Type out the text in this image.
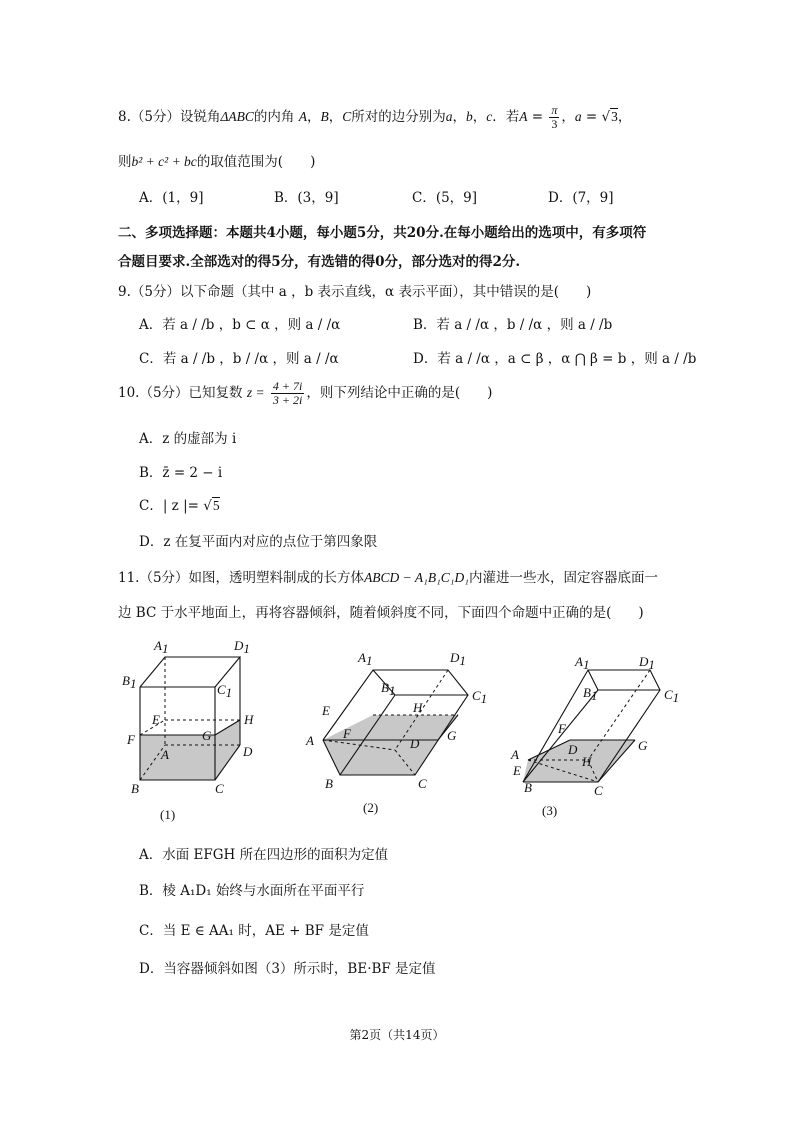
8.（5分）设锐角ΔABC的内角 A，B，C所对的边分别为a，b，c．若$A = \frac{\pi}{3}$ ，a = √3，
则b² + c² + bc的取值范围为(　　)
A．(1，9]	B．(3，9]	C．(5，9]	D．(7，9]
二、多项选择题：本题共4小题，每小题5分，共20分.在每小题给出的选项中，有多项符
合题目要求.全部选对的得5分，有选错的得0分，部分选对的得2分.
9.（5分）以下命题（其中 a ，b 表示直线，α 表示平面），其中错误的是(　　)
A．若 a / /b ，b ⊂ α ，则 a / /α	B．若 a / /α ，b / /α ，则 a / /b
C．若 a / /b ，b / /α ，则 a / /α	D．若 a / /α ，a ⊂ β ，α ⋂ β = b ，则 a / /b
10.（5分）已知复数 $z = \frac{4 + 7i}{3 + 2i}$ ，则下列结论中正确的是(　　)
A．z 的虚部为 i
B．z̄ = 2 − i
C．| z |= √5
D．z 在复平面内对应的点位于第四象限
11.（5分）如图，透明塑料制成的长方体ABCD − A₁B₁C₁D₁内灌进一些水，固定容器底面一
边 BC 于水平地面上，再将容器倾斜，随着倾斜度不同，下面四个命题中正确的是(　　)
A1	D1
B1	C1
E	H
F	G
A	D
B	C
(1)
A1	D1
B1	C1
E	H
A F
D
G
B	C
(2)
A1	D1
B1	C1
F
D	G
H
A
E
B	C
(3)
A．水面 EFGH 所在四边形的面积为定值
B．棱 A₁D₁ 始终与水面所在平面平行
C．当 E ∈ AA₁ 时，AE + BF 是定值
D．当容器倾斜如图（3）所示时，BE·BF 是定值
第2页（共14页）
